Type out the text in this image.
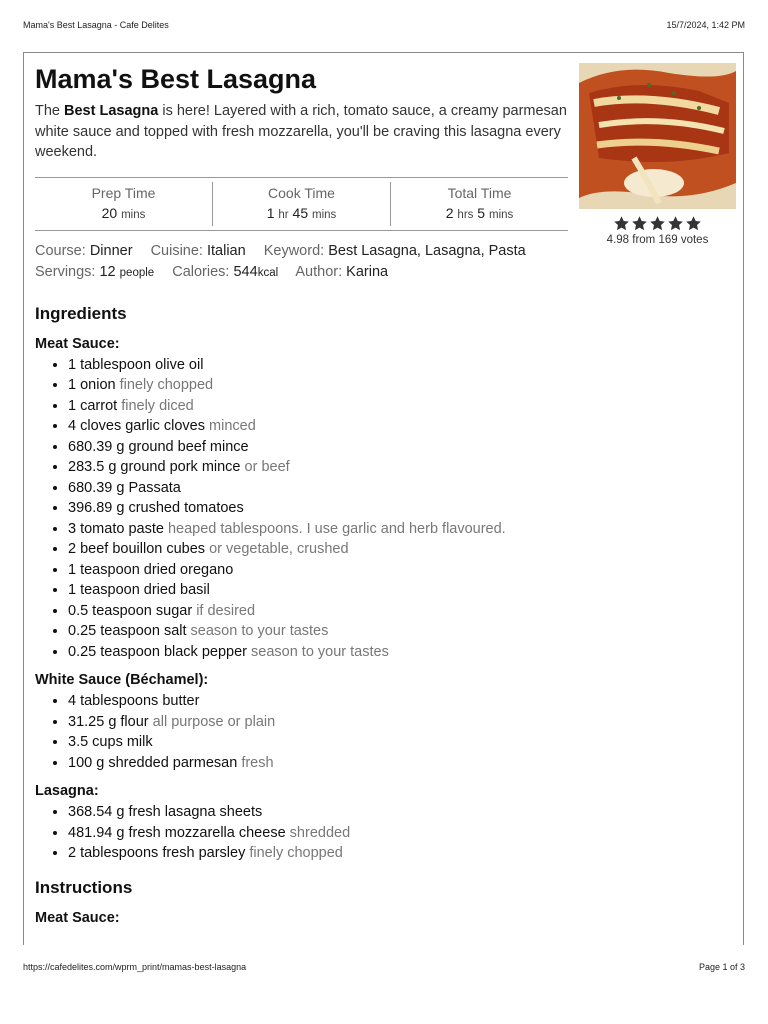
Mama's Best Lasagna - Cafe Delites	15/7/2024, 1:42 PM
Mama's Best Lasagna
The Best Lasagna is here! Layered with a rich, tomato sauce, a creamy parmesan white sauce and topped with fresh mozzarella, you'll be craving this lasagna every weekend.
Prep Time
20 mins
Cook Time
1 hr 45 mins
Total Time
2 hrs 5 mins
Course: Dinner Cuisine: Italian Keyword: Best Lasagna, Lasagna, Pasta
Servings: 12 people Calories: 544kcal Author: Karina
Ingredients
Meat Sauce:
• 1 tablespoon olive oil
• 1 onion finely chopped
• 1 carrot finely diced
• 4 cloves garlic cloves minced
• 680.39 g ground beef mince
• 283.5 g ground pork mince or beef
• 680.39 g Passata
• 396.89 g crushed tomatoes
• 3 tomato paste heaped tablespoons. I use garlic and herb flavoured.
• 2 beef bouillon cubes or vegetable, crushed
• 1 teaspoon dried oregano
• 1 teaspoon dried basil
• 0.5 teaspoon sugar if desired
• 0.25 teaspoon salt season to your tastes
• 0.25 teaspoon black pepper season to your tastes
White Sauce (Béchamel):
• 4 tablespoons butter
• 31.25 g flour all purpose or plain
• 3.5 cups milk
• 100 g shredded parmesan fresh
Lasagna:
• 368.54 g fresh lasagna sheets
• 481.94 g fresh mozzarella cheese shredded
• 2 tablespoons fresh parsley finely chopped
Instructions
Meat Sauce:
4.98 from 169 votes
https://cafedelites.com/wprm_print/mamas-best-lasagna	Page 1 of 3
